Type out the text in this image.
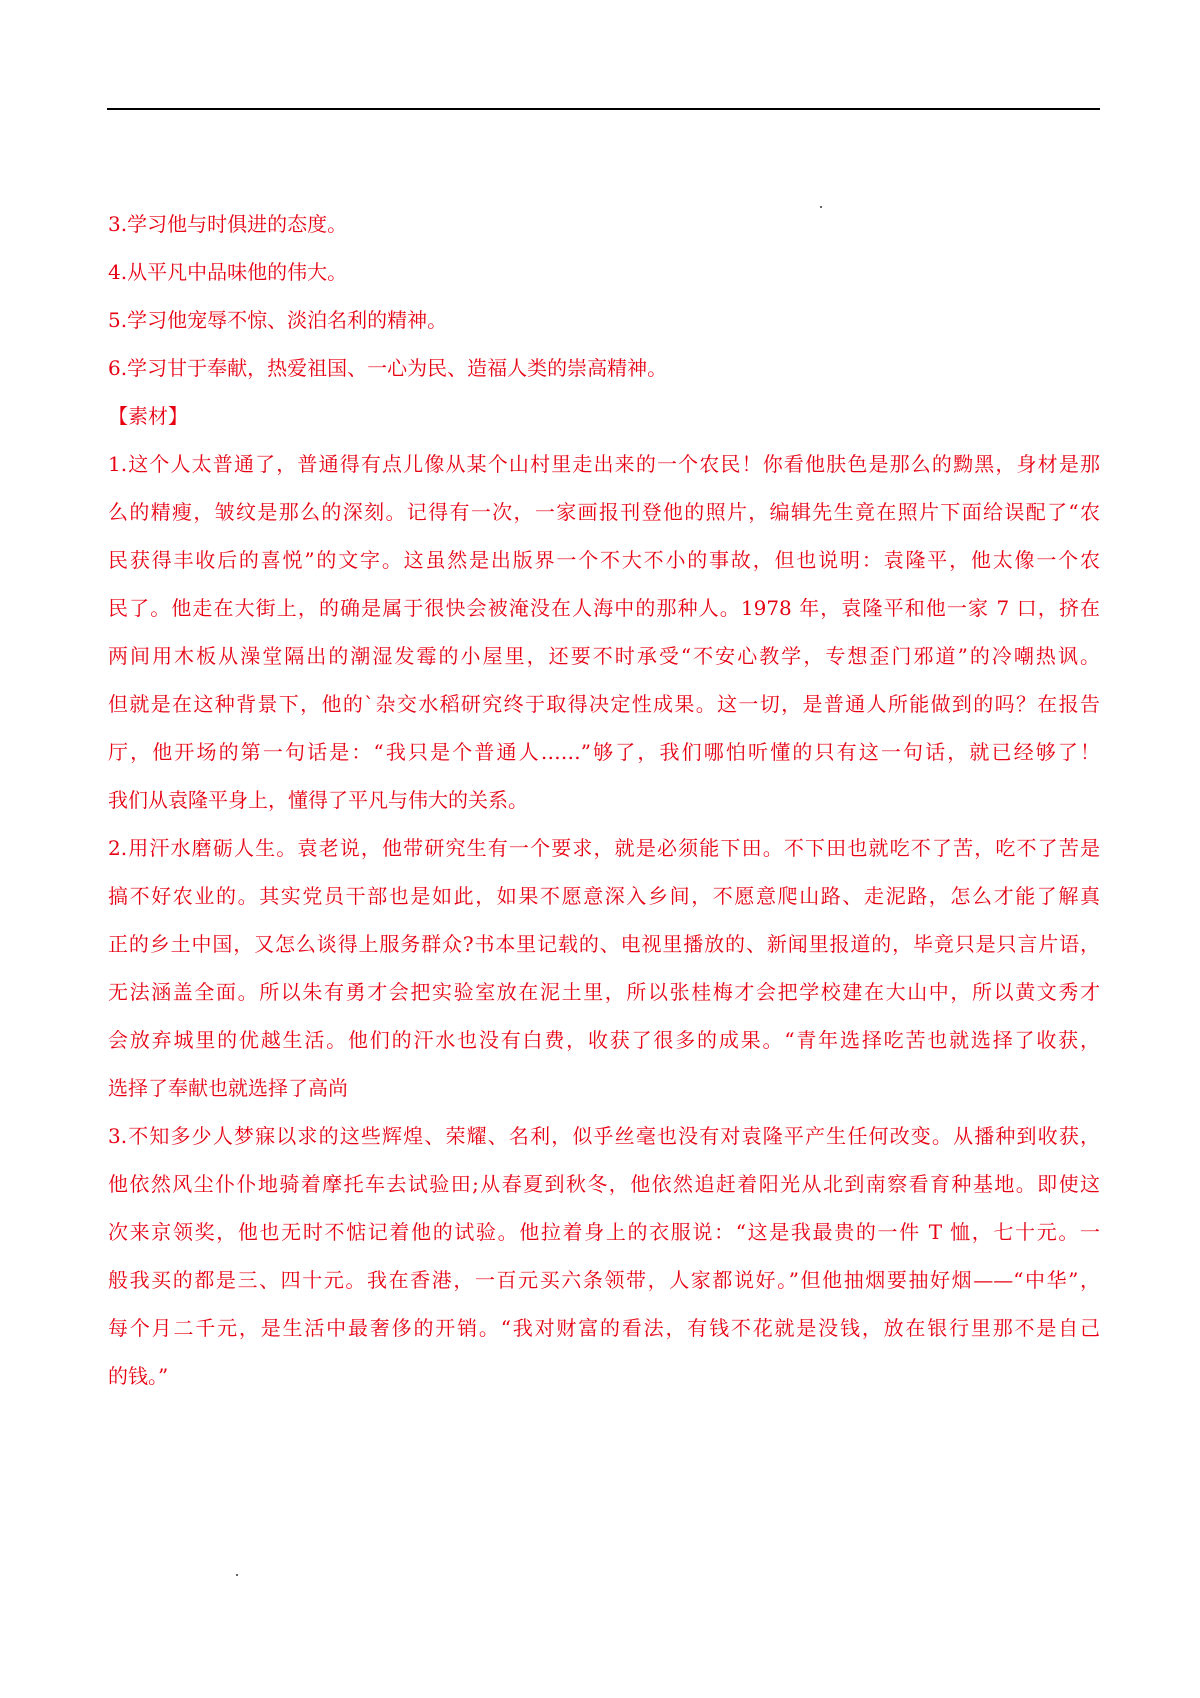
3.学习他与时俱进的态度。
4.从平凡中品味他的伟大。
5.学习他宠辱不惊、淡泊名利的精神。
6.学习甘于奉献，热爱祖国、一心为民、造福人类的崇高精神。
【素材】
1.这个人太普通了，普通得有点儿像从某个山村里走出来的一个农民！你看他肤色是那么的黝黑，身材是那
么的精瘦，皱纹是那么的深刻。记得有一次，一家画报刊登他的照片，编辑先生竟在照片下面给误配了“农
民获得丰收后的喜悦”的文字。这虽然是出版界一个不大不小的事故，但也说明：袁隆平，他太像一个农
民了。他走在大街上，的确是属于很快会被淹没在人海中的那种人。1978 年，袁隆平和他一家 7 口，挤在
两间用木板从澡堂隔出的潮湿发霉的小屋里，还要不时承受“不安心教学，专想歪门邪道”的冷嘲热讽。
但就是在这种背景下，他的`杂交水稻研究终于取得决定性成果。这一切，是普通人所能做到的吗？在报告
厅，他开场的第一句话是：“我只是个普通人……”够了，我们哪怕听懂的只有这一句话，就已经够了！
我们从袁隆平身上，懂得了平凡与伟大的关系。
2.用汗水磨砺人生。袁老说，他带研究生有一个要求，就是必须能下田。不下田也就吃不了苦，吃不了苦是
搞不好农业的。其实党员干部也是如此，如果不愿意深入乡间，不愿意爬山路、走泥路，怎么才能了解真
正的乡土中国，又怎么谈得上服务群众?书本里记载的、电视里播放的、新闻里报道的，毕竟只是只言片语，
无法涵盖全面。所以朱有勇才会把实验室放在泥土里，所以张桂梅才会把学校建在大山中，所以黄文秀才
会放弃城里的优越生活。他们的汗水也没有白费，收获了很多的成果。“青年选择吃苦也就选择了收获，
选择了奉献也就选择了高尚
3.不知多少人梦寐以求的这些辉煌、荣耀、名利，似乎丝毫也没有对袁隆平产生任何改变。从播种到收获，
他依然风尘仆仆地骑着摩托车去试验田;从春夏到秋冬，他依然追赶着阳光从北到南察看育种基地。即使这
次来京领奖，他也无时不惦记着他的试验。他拉着身上的衣服说：“这是我最贵的一件 T 恤，七十元。一
般我买的都是三、四十元。我在香港，一百元买六条领带，人家都说好。”但他抽烟要抽好烟——“中华”，
每个月二千元，是生活中最奢侈的开销。“我对财富的看法，有钱不花就是没钱，放在银行里那不是自己
的钱。”
